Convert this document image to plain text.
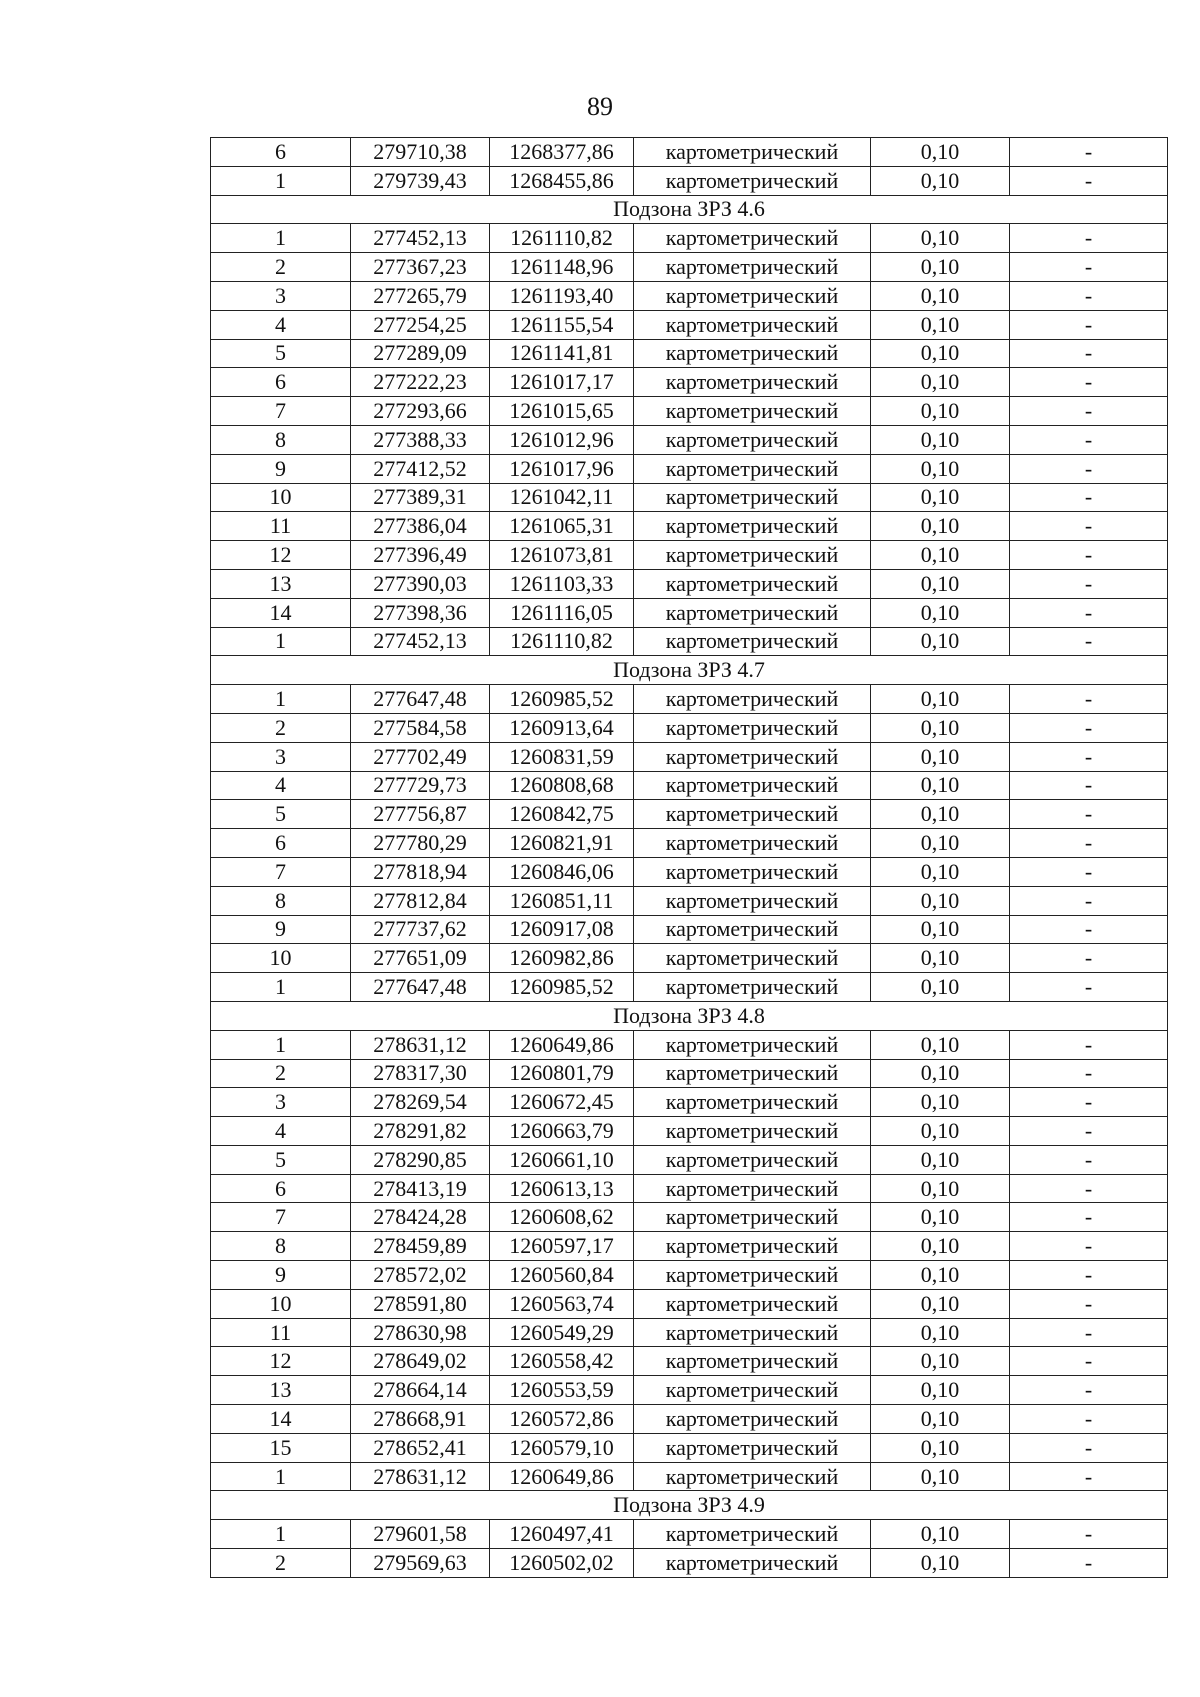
89
6	279710,38	1268377,86	картометрический	0,10	-
1	279739,43	1268455,86	картометрический	0,10	-
Подзона ЗРЗ 4.6					
1	277452,13	1261110,82	картометрический	0,10	-
2	277367,23	1261148,96	картометрический	0,10	-
3	277265,79	1261193,40	картометрический	0,10	-
4	277254,25	1261155,54	картометрический	0,10	-
5	277289,09	1261141,81	картометрический	0,10	-
6	277222,23	1261017,17	картометрический	0,10	-
7	277293,66	1261015,65	картометрический	0,10	-
8	277388,33	1261012,96	картометрический	0,10	-
9	277412,52	1261017,96	картометрический	0,10	-
10	277389,31	1261042,11	картометрический	0,10	-
11	277386,04	1261065,31	картометрический	0,10	-
12	277396,49	1261073,81	картометрический	0,10	-
13	277390,03	1261103,33	картометрический	0,10	-
14	277398,36	1261116,05	картометрический	0,10	-
1	277452,13	1261110,82	картометрический	0,10	-
Подзона ЗРЗ 4.7					
1	277647,48	1260985,52	картометрический	0,10	-
2	277584,58	1260913,64	картометрический	0,10	-
3	277702,49	1260831,59	картометрический	0,10	-
4	277729,73	1260808,68	картометрический	0,10	-
5	277756,87	1260842,75	картометрический	0,10	-
6	277780,29	1260821,91	картометрический	0,10	-
7	277818,94	1260846,06	картометрический	0,10	-
8	277812,84	1260851,11	картометрический	0,10	-
9	277737,62	1260917,08	картометрический	0,10	-
10	277651,09	1260982,86	картометрический	0,10	-
1	277647,48	1260985,52	картометрический	0,10	-
Подзона ЗРЗ 4.8					
1	278631,12	1260649,86	картометрический	0,10	-
2	278317,30	1260801,79	картометрический	0,10	-
3	278269,54	1260672,45	картометрический	0,10	-
4	278291,82	1260663,79	картометрический	0,10	-
5	278290,85	1260661,10	картометрический	0,10	-
6	278413,19	1260613,13	картометрический	0,10	-
7	278424,28	1260608,62	картометрический	0,10	-
8	278459,89	1260597,17	картометрический	0,10	-
9	278572,02	1260560,84	картометрический	0,10	-
10	278591,80	1260563,74	картометрический	0,10	-
11	278630,98	1260549,29	картометрический	0,10	-
12	278649,02	1260558,42	картометрический	0,10	-
13	278664,14	1260553,59	картометрический	0,10	-
14	278668,91	1260572,86	картометрический	0,10	-
15	278652,41	1260579,10	картометрический	0,10	-
1	278631,12	1260649,86	картометрический	0,10	-
Подзона ЗРЗ 4.9					
1	279601,58	1260497,41	картометрический	0,10	-
2	279569,63	1260502,02	картометрический	0,10	-
